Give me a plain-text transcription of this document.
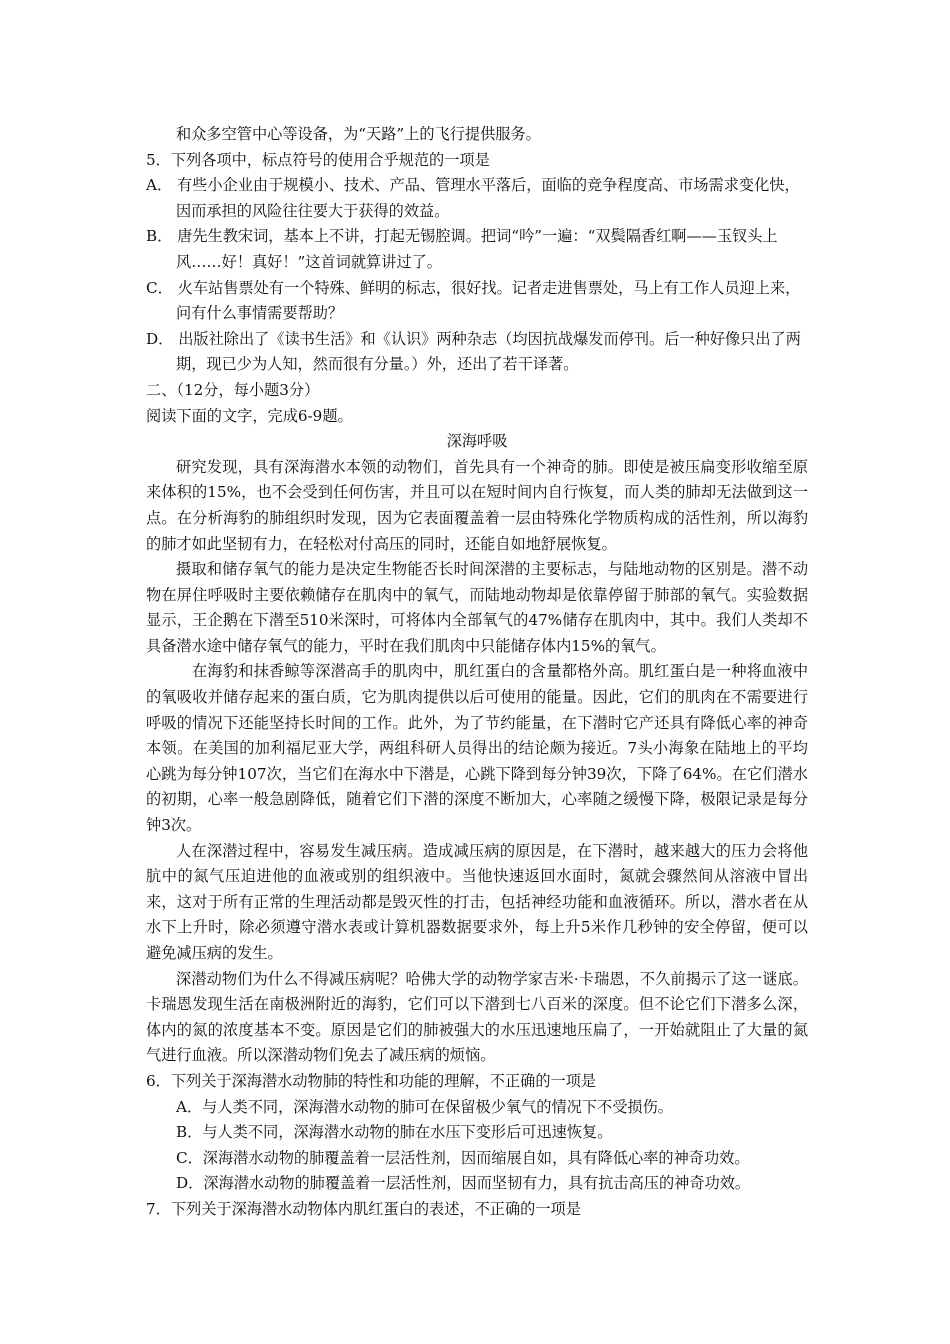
和众多空管中心等设备，为“天路”上的飞行提供服务。
5．下列各项中，标点符号的使用合乎规范的一项是
A． 有些小企业由于规模小、技术、产品、管理水平落后，面临的竞争程度高、市场需求变化快，因而承担的风险往往要大于获得的效益。
B． 唐先生教宋词，基本上不讲，打起无锡腔调。把词“吟”一遍：“双鬓隔香红啊——玉钗头上风……好！真好！”这首词就算讲过了。
C． 火车站售票处有一个特殊、鲜明的标志，很好找。记者走进售票处，马上有工作人员迎上来，问有什么事情需要帮助？
D． 出版社除出了《读书生活》和《认识》两种杂志（均因抗战爆发而停刊。后一种好像只出了两期，现已少为人知，然而很有分量。）外，还出了若干译著。
二、（12分，每小题3分）
阅读下面的文字，完成6-9题。
深海呼吸
研究发现，具有深海潜水本领的动物们，首先具有一个神奇的肺。即使是被压扁变形收缩至原来体积的15%，也不会受到任何伤害，并且可以在短时间内自行恢复，而人类的肺却无法做到这一点。在分析海豹的肺组织时发现，因为它表面覆盖着一层由特殊化学物质构成的活性剂，所以海豹的肺才如此坚韧有力，在轻松对付高压的同时，还能自如地舒展恢复。
摄取和储存氧气的能力是决定生物能否长时间深潜的主要标志，与陆地动物的区别是。潜不动物在屏住呼吸时主要依赖储存在肌肉中的氧气，而陆地动物却是依靠停留于肺部的氧气。实验数据显示，王企鹅在下潜至510米深时，可将体内全部氧气的47%储存在肌肉中，其中。我们人类却不具备潜水途中储存氧气的能力，平时在我们肌肉中只能储存体内15%的氧气。
在海豹和抹香鲸等深潜高手的肌肉中，肌红蛋白的含量都格外高。肌红蛋白是一种将血液中的氧吸收并储存起来的蛋白质，它为肌肉提供以后可使用的能量。因此，它们的肌肉在不需要进行呼吸的情况下还能坚持长时间的工作。此外，为了节约能量，在下潜时它产还具有降低心率的神奇本领。在美国的加利福尼亚大学，两组科研人员得出的结论颇为接近。7头小海象在陆地上的平均心跳为每分钟107次，当它们在海水中下潜是，心跳下降到每分钟39次，下降了64%。在它们潜水的初期，心率一般急剧降低，随着它们下潜的深度不断加大，心率随之缓慢下降，极限记录是每分钟3次。
人在深潜过程中，容易发生减压病。造成减压病的原因是，在下潜时，越来越大的压力会将他肮中的氮气压迫进他的血液或别的组织液中。当他快速返回水面时，氮就会骤然间从溶液中冒出来，这对于所有正常的生理活动都是毁灭性的打击，包括神经功能和血液循环。所以，潜水者在从水下上升时，除必须遵守潜水表或计算机器数据要求外，每上升5米作几秒钟的安全停留，便可以避免减压病的发生。
深潜动物们为什么不得减压病呢？哈佛大学的动物学家吉米·卡瑞恩，不久前揭示了这一谜底。卡瑞恩发现生活在南极洲附近的海豹，它们可以下潜到七八百米的深度。但不论它们下潜多么深，体内的氮的浓度基本不变。原因是它们的肺被强大的水压迅速地压扁了，一开始就阻止了大量的氮气进行血液。所以深潜动物们免去了减压病的烦恼。
6．下列关于深海潜水动物肺的特性和功能的理解，不正确的一项是
A．与人类不同，深海潜水动物的肺可在保留极少氧气的情况下不受损伤。
B．与人类不同，深海潜水动物的肺在水压下变形后可迅速恢复。
C．深海潜水动物的肺覆盖着一层活性剂，因而缩展自如，具有降低心率的神奇功效。
D．深海潜水动物的肺覆盖着一层活性剂，因而坚韧有力，具有抗击高压的神奇功效。
7．下列关于深海潜水动物体内肌红蛋白的表述，不正确的一项是
